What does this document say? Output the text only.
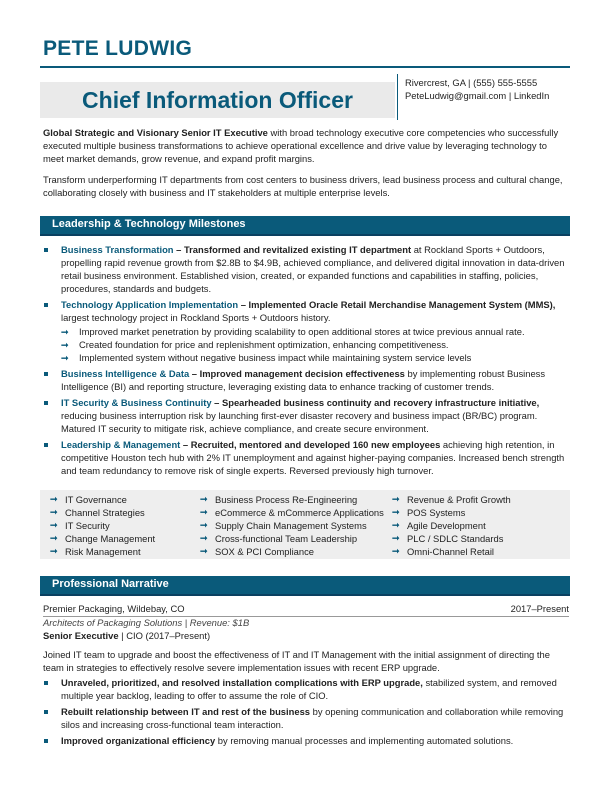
PETE LUDWIG
Chief Information Officer
Rivercrest, GA | (555) 555-5555
PeteLudwig@gmail.com | LinkedIn
Global Strategic and Visionary Senior IT Executive with broad technology executive core competencies who successfully executed multiple business transformations to achieve operational excellence and drive value by leveraging technology to meet market demands, grow revenue, and expand profit margins.
Transform underperforming IT departments from cost centers to business drivers, lead business process and cultural change, collaborating closely with business and IT stakeholders at multiple enterprise levels.
Leadership & Technology Milestones
Business Transformation – Transformed and revitalized existing IT department at Rockland Sports + Outdoors, propelling rapid revenue growth from $2.8B to $4.9B, achieved compliance, and delivered digital innovation in data-driven retail business environment. Established vision, created, or expanded functions and capabilities in staffing, policies, procedures, standards and budgets.
Technology Application Implementation – Implemented Oracle Retail Merchandise Management System (MMS), largest technology project in Rockland Sports + Outdoors history.
➞ Improved market penetration by providing scalability to open additional stores at twice previous annual rate.
➞ Created foundation for price and replenishment optimization, enhancing competitiveness.
➞ Implemented system without negative business impact while maintaining system service levels
Business Intelligence & Data – Improved management decision effectiveness by implementing robust Business Intelligence (BI) and reporting structure, leveraging existing data to enhance tracking of customer trends.
IT Security & Business Continuity – Spearheaded business continuity and recovery infrastructure initiative, reducing business interruption risk by launching first-ever disaster recovery and business impact (BR/BC) program. Matured IT security to mitigate risk, achieve compliance, and create secure environment.
Leadership & Management – Recruited, mentored and developed 160 new employees achieving high retention, in competitive Houston tech hub with 2% IT unemployment and against higher-paying companies. Increased bench strength and team redundancy to remove risk of single experts. Reversed previously high turnover.
➞ IT Governance
➞ Channel Strategies
➞ IT Security
➞ Change Management
➞ Risk Management
➞ Business Process Re-Engineering
➞ eCommerce & mCommerce Applications
➞ Supply Chain Management Systems
➞ Cross-functional Team Leadership
➞ SOX & PCI Compliance
➞ Revenue & Profit Growth
➞ POS Systems
➞ Agile Development
➞ PLC / SDLC Standards
➞ Omni-Channel Retail
Professional Narrative
Premier Packaging, Wildebay, CO	2017–Present
Architects of Packaging Solutions | Revenue: $1B
Senior Executive | CIO (2017–Present)
Joined IT team to upgrade and boost the effectiveness of IT and IT Management with the initial assignment of directing the team in strategies to effectively resolve severe implementation issues with recent ERP upgrade.
Unraveled, prioritized, and resolved installation complications with ERP upgrade, stabilized system, and removed multiple year backlog, leading to offer to assume the role of CIO.
Rebuilt relationship between IT and rest of the business by opening communication and collaboration while removing silos and increasing cross-functional team interaction.
Improved organizational efficiency by removing manual processes and implementing automated solutions.
